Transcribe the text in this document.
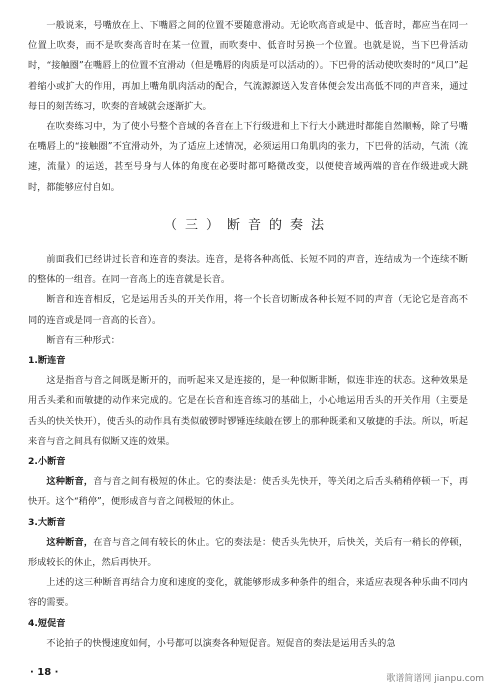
一般说来，号嘴放在上、下嘴唇之间的位置不要随意滑动。无论吹高音或是中、低音时，都应当在同一位置上吹奏，而不是吹奏高音时在某一位置，而吹奏中、低音时另换一个位置。也就是说，当下巴骨活动时，“接触圈”在嘴唇上的位置不宜滑动（但是嘴唇的肉质是可以活动的）。下巴骨的活动使吹奏时的“风口”起着缩小或扩大的作用，再加上嘴角肌肉活动的配合，气流源源送入发音体便会发出高低不同的声音来，通过每日的刻苦练习，吹奏的音域就会逐渐扩大。

在吹奏练习中，为了使小号整个音域的各音在上下行级进和上下行大小跳进时都能自然顺畅，除了号嘴在嘴唇上的“接触圈”不宜滑动外，为了适应上述情况，必须运用口角肌肉的张力，下巴骨的活动，气流（流速，流量）的运送，甚至号身与人体的角度在必要时都可略微改变，以便使音域两端的音在作级进或大跳时，都能够应付自如。

（三）断音的奏法

前面我们已经讲过长音和连音的奏法。连音，是将各种高低、长短不同的声音，连结成为一个连续不断的整体的一组音。在同一音高上的连音就是长音。

断音和连音相反，它是运用舌头的开关作用，将一个长音切断成各种长短不同的声音（无论它是音高不同的连音或是同一音高的长音）。

断音有三种形式：

1.断连音

这是指音与音之间既是断开的，而听起来又是连接的，是一种似断非断，似连非连的状态。这种效果是用舌头柔和而敏捷的动作来完成的。它是在长音和连音练习的基础上，小心地运用舌头的开关作用（主要是舌头的快关快开），使舌头的动作具有类似破锣时锣锤连续敲在锣上的那种既柔和又敏捷的手法。所以，听起来音与音之间具有似断又连的效果。

2.小断音

这种断音，音与音之间有极短的休止。它的奏法是：使舌头先快开，等关闭之后舌头稍稍停顿一下，再快开。这个“稍停”，便形成音与音之间极短的休止。

3.大断音

这种断音，在音与音之间有较长的休止。它的奏法是：使舌头先快开，后快关，关后有一稍长的停顿，形成较长的休止，然后再快开。

上述的这三种断音再结合力度和速度的变化，就能够形成多种条件的组合，来适应表现各种乐曲不同内容的需要。

4.短促音

不论拍子的快慢速度如何，小号都可以演奏各种短促音。短促音的奏法是运用舌头的急

· 18 ·
歌谱简谱网 jianpu.com
